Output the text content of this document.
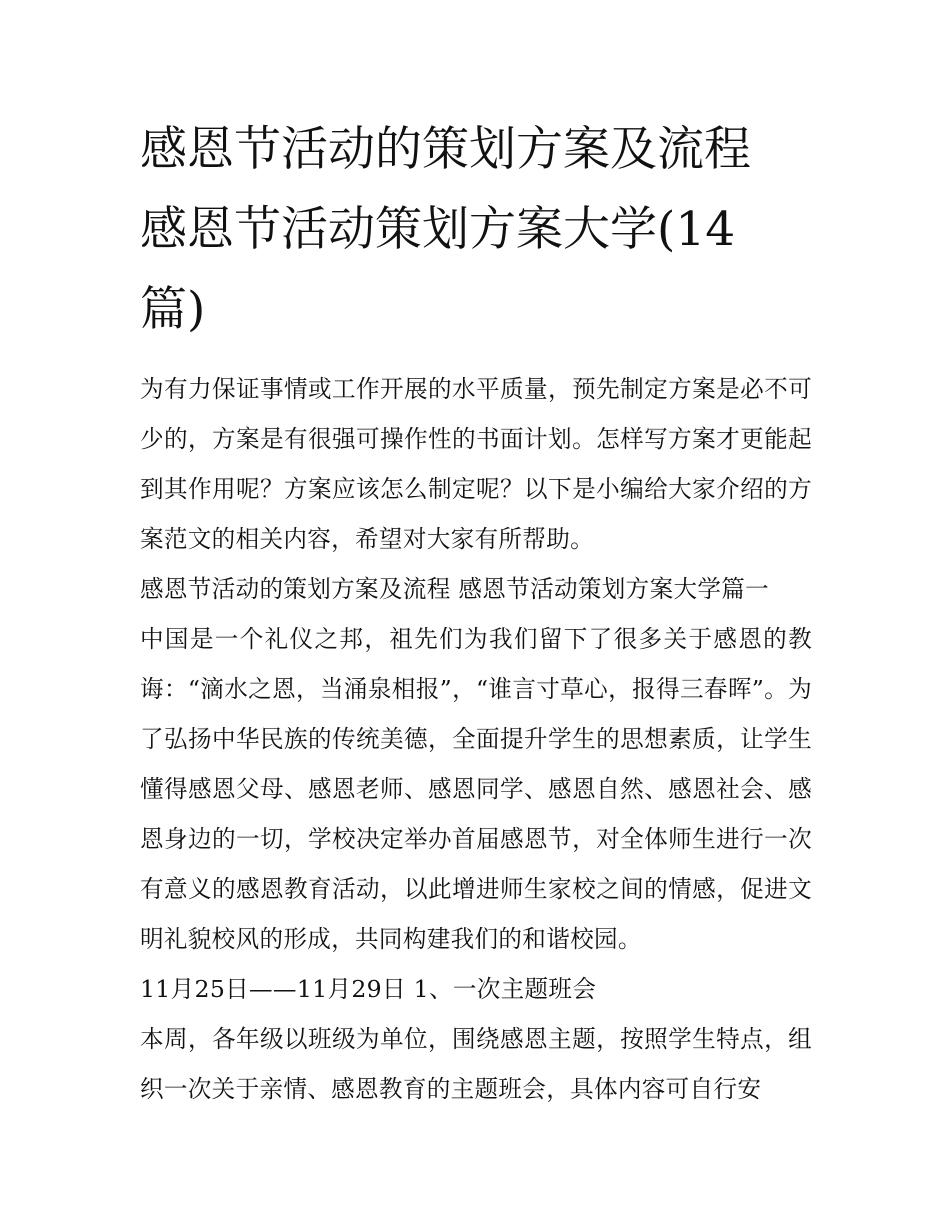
感恩节活动的策划方案及流程
感恩节活动策划方案大学(14
篇)

为有力保证事情或工作开展的水平质量，预先制定方案是必不可少的，方案是有很强可操作性的书面计划。怎样写方案才更能起到其作用呢？方案应该怎么制定呢？以下是小编给大家介绍的方案范文的相关内容，希望对大家有所帮助。

感恩节活动的策划方案及流程 感恩节活动策划方案大学篇一

中国是一个礼仪之邦，祖先们为我们留下了很多关于感恩的教诲：“滴水之恩，当涌泉相报”，“谁言寸草心，报得三春晖”。为了弘扬中华民族的传统美德，全面提升学生的思想素质，让学生懂得感恩父母、感恩老师、感恩同学、感恩自然、感恩社会、感恩身边的一切，学校决定举办首届感恩节，对全体师生进行一次有意义的感恩教育活动，以此增进师生家校之间的情感，促进文明礼貌校风的形成，共同构建我们的和谐校园。

11月25日——11月29日 1、一次主题班会

本周，各年级以班级为单位，围绕感恩主题，按照学生特点，组织一次关于亲情、感恩教育的主题班会，具体内容可自行安
